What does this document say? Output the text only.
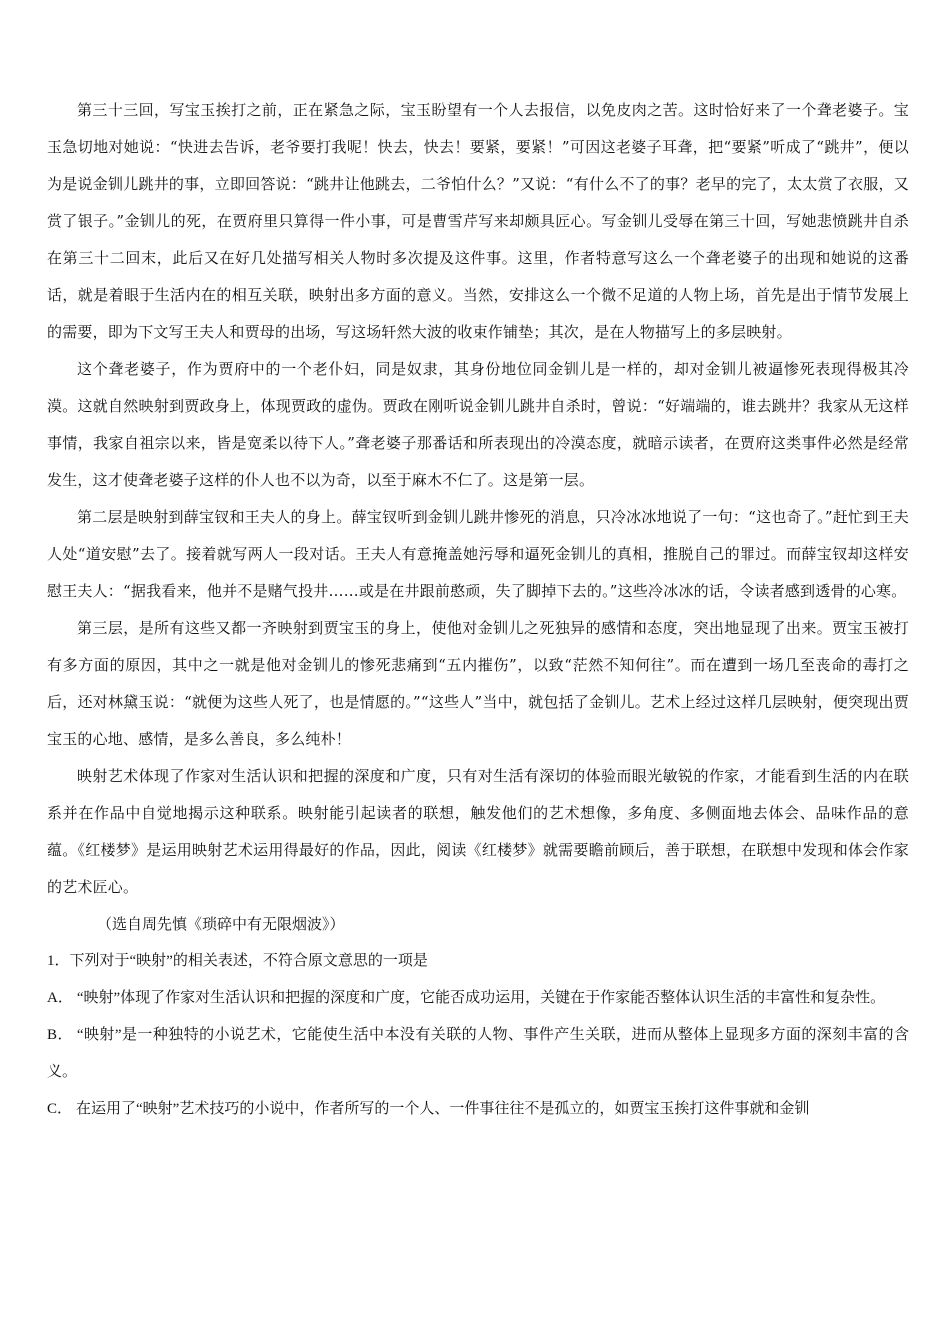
第三十三回，写宝玉挨打之前，正在紧急之际，宝玉盼望有一个人去报信，以免皮肉之苦。这时恰好来了一个聋老婆子。宝玉急切地对她说：“快进去告诉，老爷要打我呢！快去，快去！要紧，要紧！”可因这老婆子耳聋，把“要紧”听成了“跳井”，便以为是说金钏儿跳井的事，立即回答说：“跳井让他跳去，二爷怕什么？”又说：“有什么不了的事？老早的完了，太太赏了衣服，又赏了银子。”金钏儿的死，在贾府里只算得一件小事，可是曹雪芹写来却颇具匠心。写金钏儿受辱在第三十回，写她悲愤跳井自杀在第三十二回末，此后又在好几处描写相关人物时多次提及这件事。这里，作者特意写这么一个聋老婆子的出现和她说的这番话，就是着眼于生活内在的相互关联，映射出多方面的意义。当然，安排这么一个微不足道的人物上场，首先是出于情节发展上的需要，即为下文写王夫人和贾母的出场，写这场轩然大波的收束作铺垫；其次，是在人物描写上的多层映射。

这个聋老婆子，作为贾府中的一个老仆妇，同是奴隶，其身份地位同金钏儿是一样的，却对金钏儿被逼惨死表现得极其冷漠。这就自然映射到贾政身上，体现贾政的虚伪。贾政在刚听说金钏儿跳井自杀时，曾说：“好端端的，谁去跳井？我家从无这样事情，我家自祖宗以来，皆是宽柔以待下人。”聋老婆子那番话和所表现出的冷漠态度，就暗示读者，在贾府这类事件必然是经常发生，这才使聋老婆子这样的仆人也不以为奇，以至于麻木不仁了。这是第一层。

第二层是映射到薛宝钗和王夫人的身上。薛宝钗听到金钏儿跳井惨死的消息，只冷冰冰地说了一句：“这也奇了。”赶忙到王夫人处“道安慰”去了。接着就写两人一段对话。王夫人有意掩盖她污辱和逼死金钏儿的真相，推脱自己的罪过。而薛宝钗却这样安慰王夫人：“据我看来，他并不是赌气投井……或是在井跟前憨顽，失了脚掉下去的。”这些冷冰冰的话，令读者感到透骨的心寒。

第三层，是所有这些又都一齐映射到贾宝玉的身上，使他对金钏儿之死独异的感情和态度，突出地显现了出来。贾宝玉被打有多方面的原因，其中之一就是他对金钏儿的惨死悲痛到“五内摧伤”，以致“茫然不知何往”。而在遭到一场几至丧命的毒打之后，还对林黛玉说：“就便为这些人死了，也是情愿的。”“这些人”当中，就包括了金钏儿。艺术上经过这样几层映射，便突现出贾宝玉的心地、感情，是多么善良，多么纯朴！

映射艺术体现了作家对生活认识和把握的深度和广度，只有对生活有深切的体验而眼光敏锐的作家，才能看到生活的内在联系并在作品中自觉地揭示这种联系。映射能引起读者的联想，触发他们的艺术想像，多角度、多侧面地去体会、品味作品的意蕴。《红楼梦》是运用映射艺术运用得最好的作品，因此，阅读《红楼梦》就需要瞻前顾后，善于联想，在联想中发现和体会作家的艺术匠心。

（选自周先慎《琐碎中有无限烟波》）

1．下列对于“映射”的相关表述，不符合原文意思的一项是

A． “映射”体现了作家对生活认识和把握的深度和广度，它能否成功运用，关键在于作家能否整体认识生活的丰富性和复杂性。

B． “映射”是一种独特的小说艺术，它能使生活中本没有关联的人物、事件产生关联，进而从整体上显现多方面的深刻丰富的含义。

C． 在运用了“映射”艺术技巧的小说中，作者所写的一个人、一件事往往不是孤立的，如贾宝玉挨打这件事就和金钏
